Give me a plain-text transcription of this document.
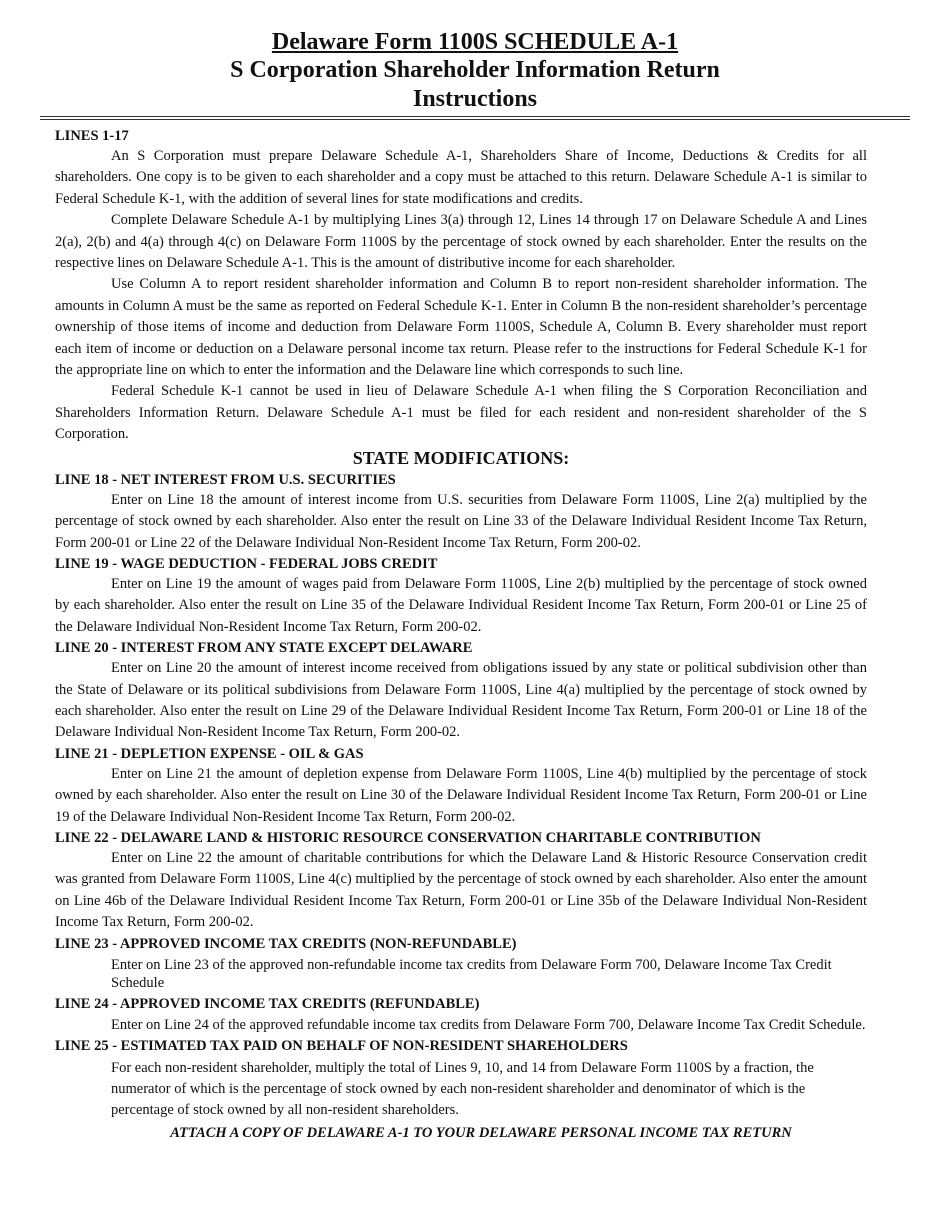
Delaware Form 1100S SCHEDULE A-1
S Corporation Shareholder Information Return
Instructions

LINES 1-17

An S Corporation must prepare Delaware Schedule A-1, Shareholders Share of Income, Deductions & Credits for all shareholders. One copy is to be given to each shareholder and a copy must be attached to this return. Delaware Schedule A-1 is similar to Federal Schedule K-1, with the addition of several lines for state modifications and credits.

Complete Delaware Schedule A-1 by multiplying Lines 3(a) through 12, Lines 14 through 17 on Delaware Schedule A and Lines 2(a), 2(b) and 4(a) through 4(c) on Delaware Form 1100S by the percentage of stock owned by each shareholder. Enter the results on the respective lines on Delaware Schedule A-1. This is the amount of distributive income for each shareholder.

Use Column A to report resident shareholder information and Column B to report non-resident shareholder information. The amounts in Column A must be the same as reported on Federal Schedule K-1. Enter in Column B the non-resident shareholder’s percentage ownership of those items of income and deduction from Delaware Form 1100S, Schedule A, Column B. Every shareholder must report each item of income or deduction on a Delaware personal income tax return. Please refer to the instructions for Federal Schedule K-1 for the appropriate line on which to enter the information and the Delaware line which corresponds to such line.

Federal Schedule K-1 cannot be used in lieu of Delaware Schedule A-1 when filing the S Corporation Reconciliation and Shareholders Information Return. Delaware Schedule A-1 must be filed for each resident and non-resident shareholder of the S Corporation.

STATE MODIFICATIONS:

LINE 18 - NET INTEREST FROM U.S. SECURITIES

Enter on Line 18 the amount of interest income from U.S. securities from Delaware Form 1100S, Line 2(a) multiplied by the percentage of stock owned by each shareholder. Also enter the result on Line 33 of the Delaware Individual Resident Income Tax Return, Form 200-01 or Line 22 of the Delaware Individual Non-Resident Income Tax Return, Form 200-02.

LINE 19 - WAGE DEDUCTION - FEDERAL JOBS CREDIT

Enter on Line 19 the amount of wages paid from Delaware Form 1100S, Line 2(b) multiplied by the percentage of stock owned by each shareholder. Also enter the result on Line 35 of the Delaware Individual Resident Income Tax Return, Form 200-01 or Line 25 of the Delaware Individual Non-Resident Income Tax Return, Form 200-02.

LINE 20 - INTEREST FROM ANY STATE EXCEPT DELAWARE

Enter on Line 20 the amount of interest income received from obligations issued by any state or political subdivision other than the State of Delaware or its political subdivisions from Delaware Form 1100S, Line 4(a) multiplied by the percentage of stock owned by each shareholder. Also enter the result on Line 29 of the Delaware Individual Resident Income Tax Return, Form 200-01 or Line 18 of the Delaware Individual Non-Resident Income Tax Return, Form 200-02.

LINE 21 - DEPLETION EXPENSE - OIL & GAS

Enter on Line 21 the amount of depletion expense from Delaware Form 1100S, Line 4(b) multiplied by the percentage of stock owned by each shareholder. Also enter the result on Line 30 of the Delaware Individual Resident Income Tax Return, Form 200-01 or Line 19 of the Delaware Individual Non-Resident Income Tax Return, Form 200-02.

LINE 22 - DELAWARE LAND & HISTORIC RESOURCE CONSERVATION CHARITABLE CONTRIBUTION

Enter on Line 22 the amount of charitable contributions for which the Delaware Land & Historic Resource Conservation credit was granted from Delaware Form 1100S, Line 4(c) multiplied by the percentage of stock owned by each shareholder. Also enter the amount on Line 46b of the Delaware Individual Resident Income Tax Return, Form 200-01 or Line 35b of the Delaware Individual Non-Resident Income Tax Return, Form 200-02.

LINE 23 - APPROVED INCOME TAX CREDITS (NON-REFUNDABLE)

Enter on Line 23 of the approved non-refundable income tax credits from Delaware Form 700, Delaware Income Tax Credit Schedule

LINE 24 - APPROVED INCOME TAX CREDITS (REFUNDABLE)

Enter on Line 24 of the approved refundable income tax credits from Delaware Form 700, Delaware Income Tax Credit Schedule.

LINE 25 - ESTIMATED TAX PAID ON BEHALF OF NON-RESIDENT SHAREHOLDERS

For each non-resident shareholder, multiply the total of Lines 9, 10, and 14 from Delaware Form 1100S by a fraction, the numerator of which is the percentage of stock owned by each non-resident shareholder and denominator of which is the percentage of stock owned by all non-resident shareholders.

ATTACH A COPY OF DELAWARE A-1 TO YOUR DELAWARE PERSONAL INCOME TAX RETURN
